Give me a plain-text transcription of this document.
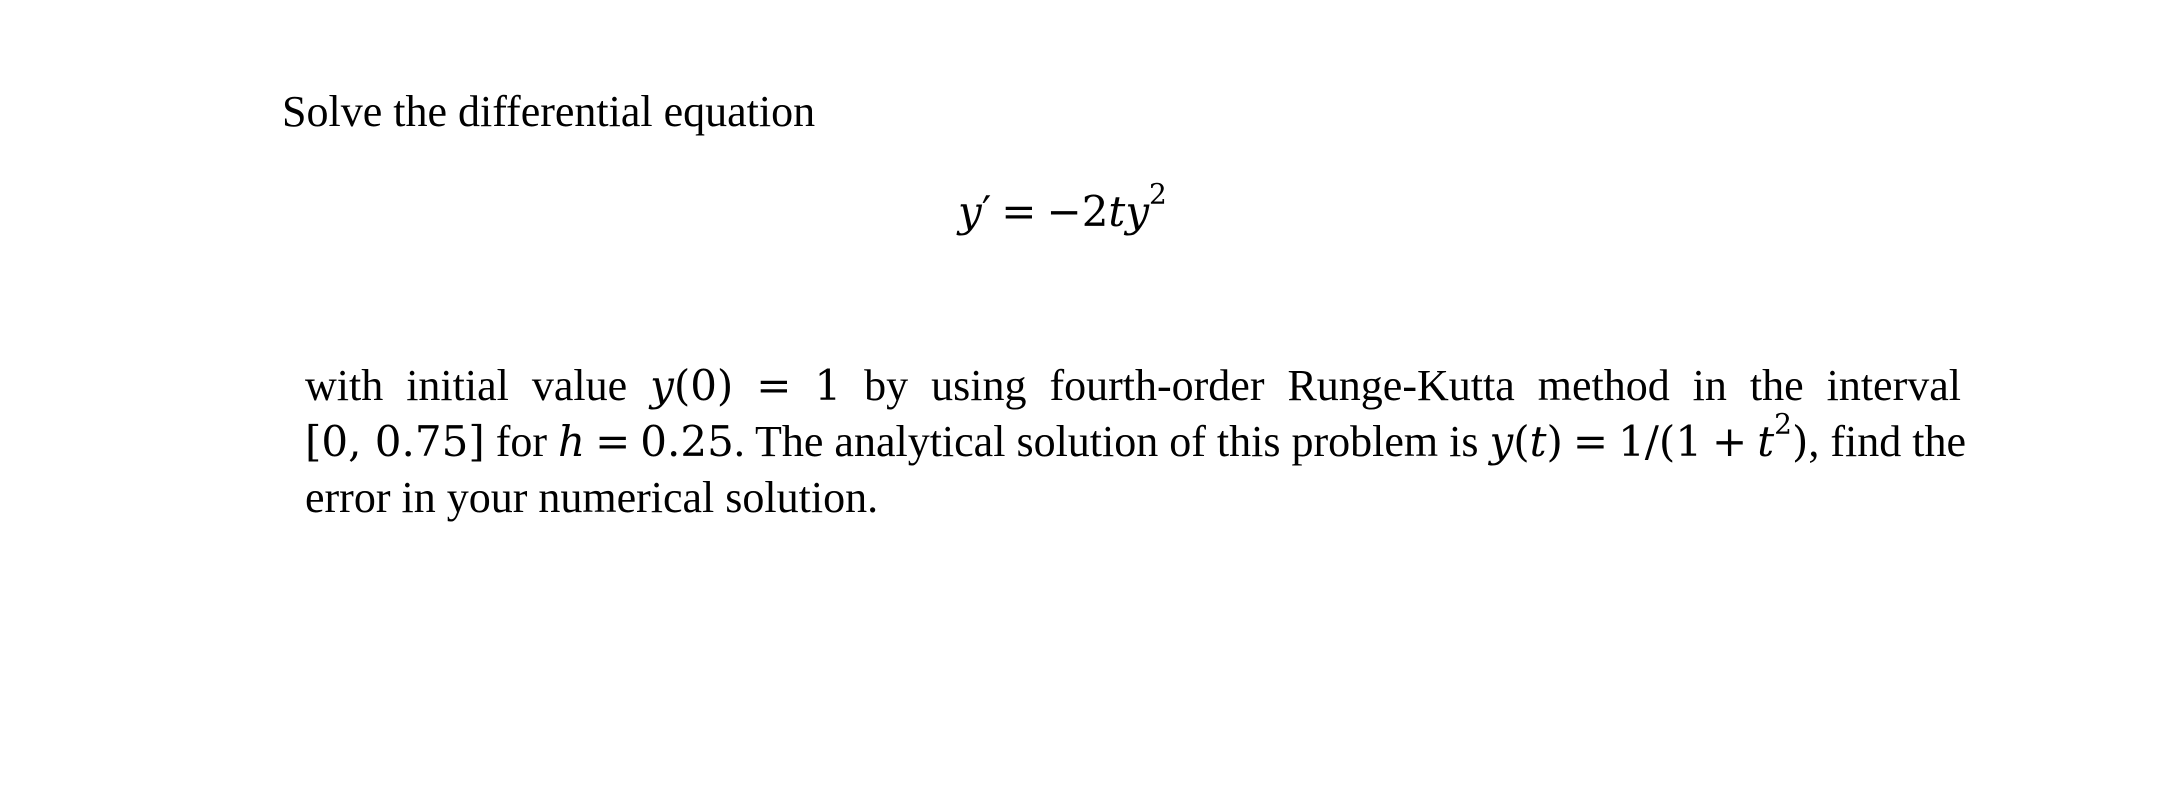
Solve the differential equation
$y' = -2ty^2$
with initial value y(0) = 1 by using fourth-order Runge-Kutta method in the interval
[0, 0.75] for h = 0.25. The analytical solution of this problem is $y(t) = 1/(1 + t^2)$, find the
error in your numerical solution.
